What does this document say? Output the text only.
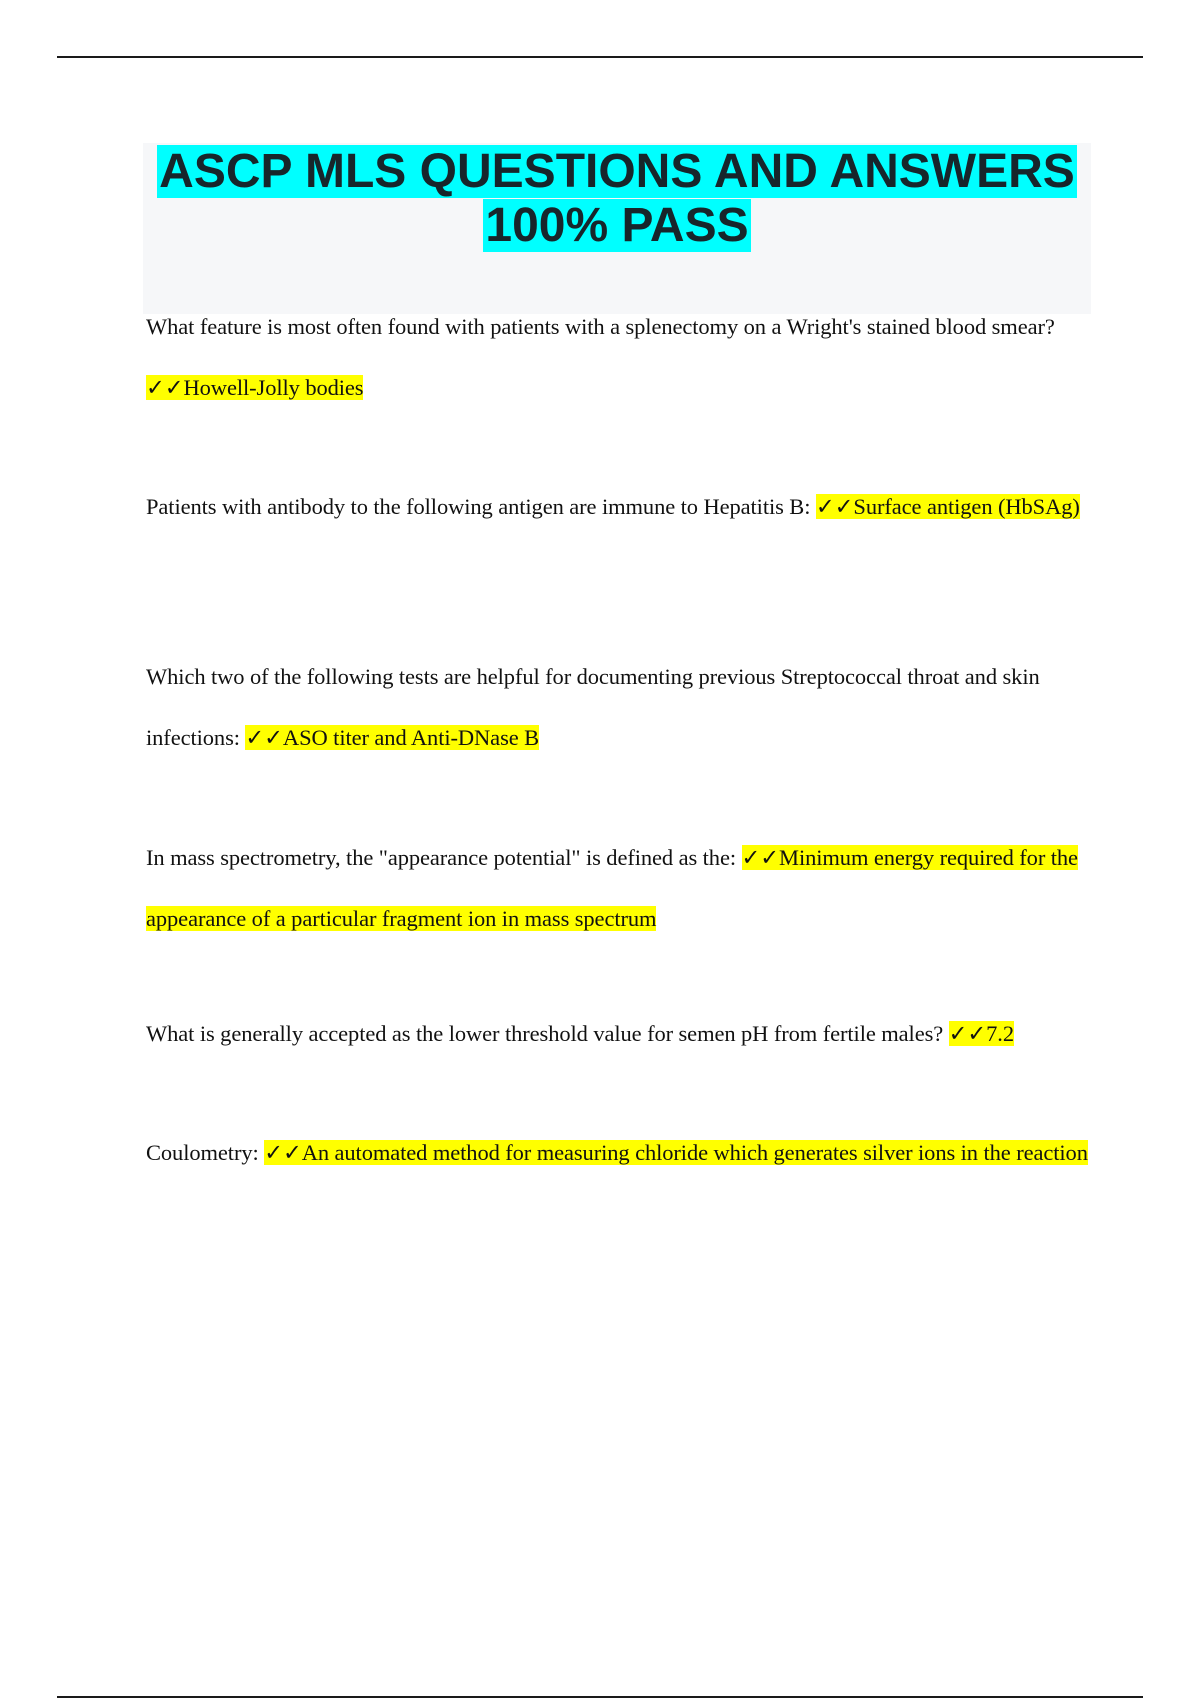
ASCP MLS QUESTIONS AND ANSWERS
100% PASS

What feature is most often found with patients with a splenectomy on a Wright's stained blood smear? ✓✓Howell-Jolly bodies

Patients with antibody to the following antigen are immune to Hepatitis B: ✓✓Surface antigen (HbSAg)

Which two of the following tests are helpful for documenting previous Streptococcal throat and skin infections: ✓✓ASO titer and Anti-DNase B

In mass spectrometry, the "appearance potential" is defined as the: ✓✓Minimum energy required for the appearance of a particular fragment ion in mass spectrum

What is generally accepted as the lower threshold value for semen pH from fertile males? ✓✓7.2

Coulometry: ✓✓An automated method for measuring chloride which generates silver ions in the reaction
